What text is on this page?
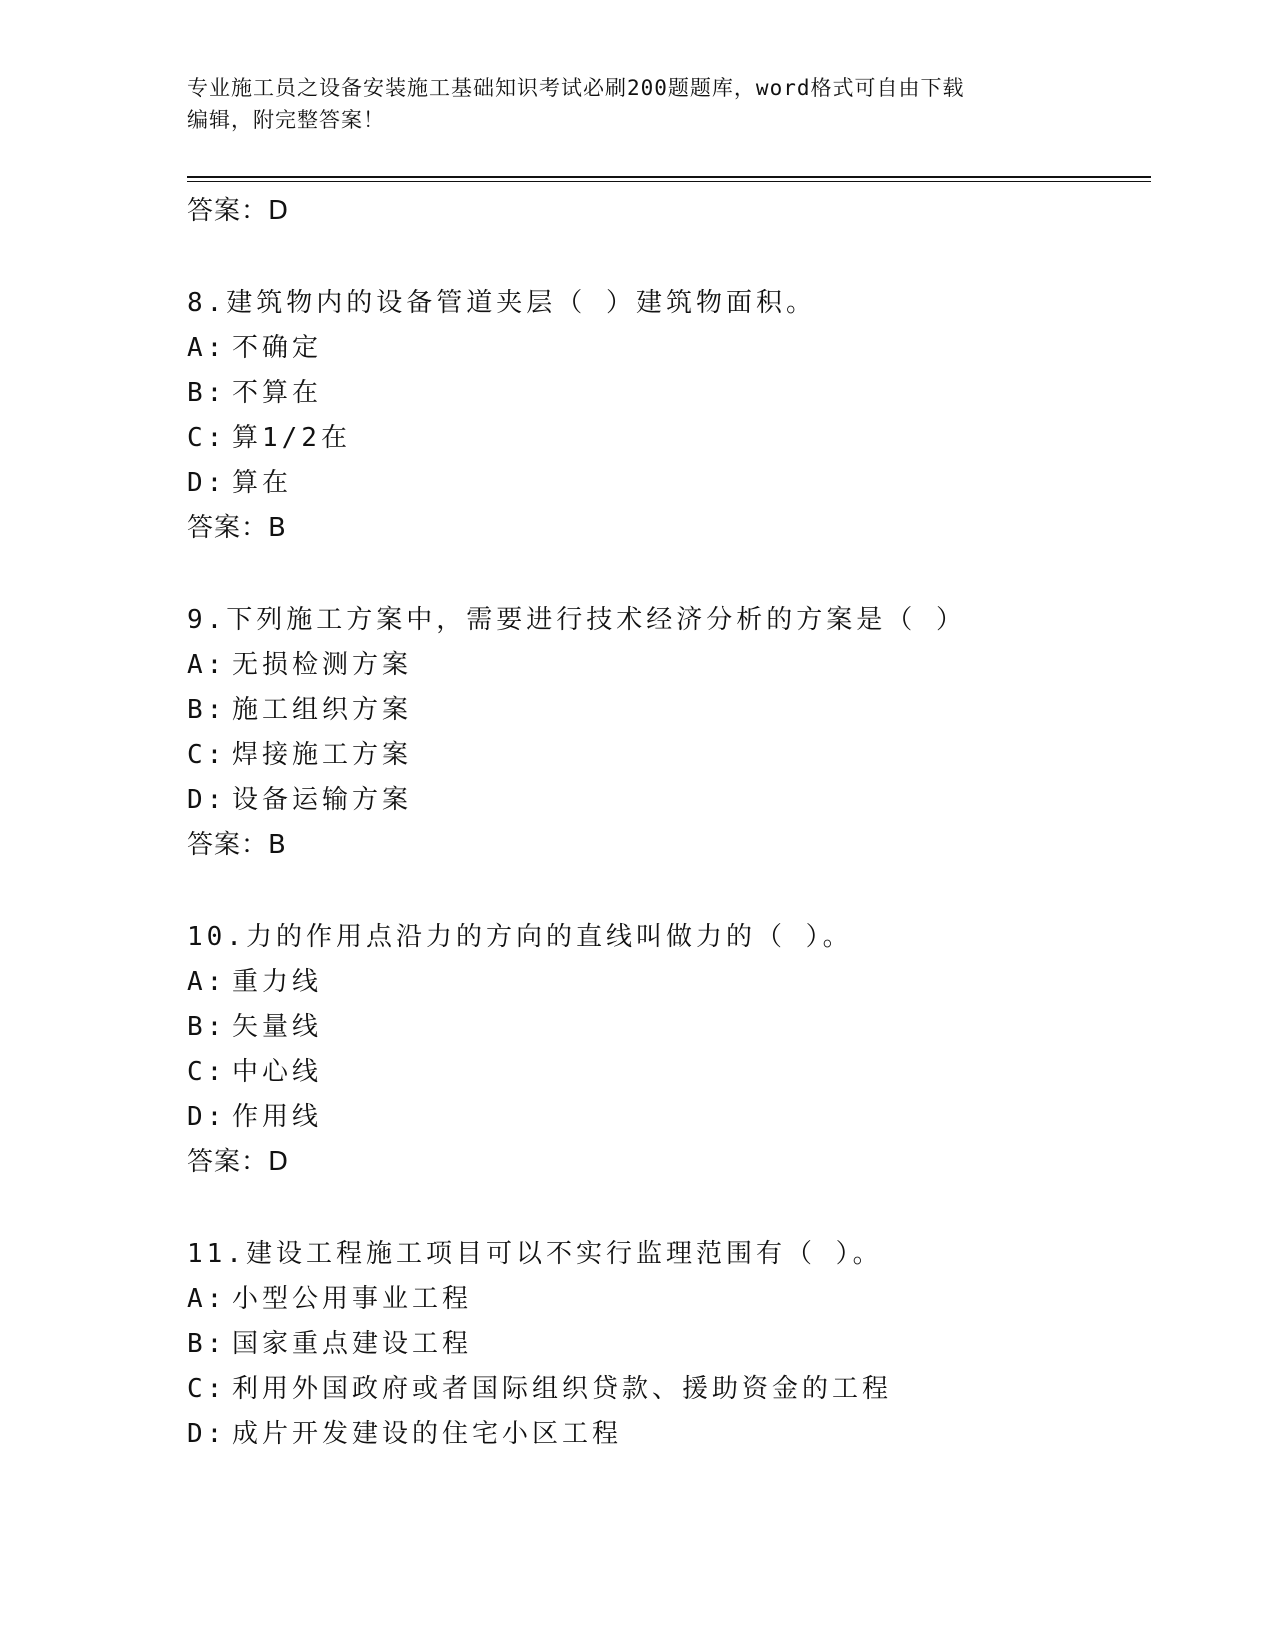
专业施工员之设备安装施工基础知识考试必刷200题题库，word格式可自由下载
编辑，附完整答案！
答案：D
8.建筑物内的设备管道夹层（ ）建筑物面积。
A: 不确定
B: 不算在
C: 算1/2在
D: 算在
答案：B
9.下列施工方案中，需要进行技术经济分析的方案是（ ）
A: 无损检测方案
B: 施工组织方案
C: 焊接施工方案
D: 设备运输方案
答案：B
10.力的作用点沿力的方向的直线叫做力的（ ）。
A: 重力线
B: 矢量线
C: 中心线
D: 作用线
答案：D
11.建设工程施工项目可以不实行监理范围有（ ）。
A: 小型公用事业工程
B: 国家重点建设工程
C: 利用外国政府或者国际组织贷款、援助资金的工程
D: 成片开发建设的住宅小区工程
